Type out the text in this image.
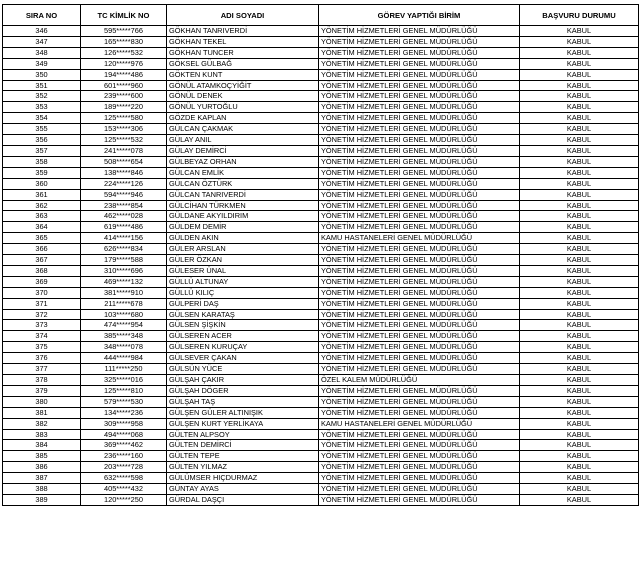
SIRA NO	TC KİMLİK NO	ADI SOYADI	GÖREV YAPTIĞI BİRİM	BAŞVURU DURUMU
346	595*****766	GÖKHAN TANRIVERDİ	YÖNETİM HİZMETLERİ GENEL MÜDÜRLÜĞÜ	KABUL
347	165*****830	GÖKHAN TEKEL	YÖNETİM HİZMETLERİ GENEL MÜDÜRLÜĞÜ	KABUL
348	126*****532	GÖKHAN TUNCER	YÖNETİM HİZMETLERİ GENEL MÜDÜRLÜĞÜ	KABUL
349	120*****976	GÖKSEL GÜLBAĞ	YÖNETİM HİZMETLERİ GENEL MÜDÜRLÜĞÜ	KABUL
350	194*****486	GÖKTEN KUNT	YÖNETİM HİZMETLERİ GENEL MÜDÜRLÜĞÜ	KABUL
351	601*****960	GÖNÜL ATAMKOÇYİĞİT	YÖNETİM HİZMETLERİ GENEL MÜDÜRLÜĞÜ	KABUL
352	239*****600	GÖNÜL DENEK	YÖNETİM HİZMETLERİ GENEL MÜDÜRLÜĞÜ	KABUL
353	189*****220	GÖNÜL YURTOĞLU	YÖNETİM HİZMETLERİ GENEL MÜDÜRLÜĞÜ	KABUL
354	125*****580	GÖZDE KAPLAN	YÖNETİM HİZMETLERİ GENEL MÜDÜRLÜĞÜ	KABUL
355	153*****306	GÜLCAN ÇAKMAK	YÖNETİM HİZMETLERİ GENEL MÜDÜRLÜĞÜ	KABUL
356	125*****532	GÜLAY ANIL	YÖNETİM HİZMETLERİ GENEL MÜDÜRLÜĞÜ	KABUL
357	241*****078	GÜLAY DEMİRCİ	YÖNETİM HİZMETLERİ GENEL MÜDÜRLÜĞÜ	KABUL
358	508*****654	GÜLBEYAZ ORHAN	YÖNETİM HİZMETLERİ GENEL MÜDÜRLÜĞÜ	KABUL
359	138*****846	GÜLCAN EMLİK	YÖNETİM HİZMETLERİ GENEL MÜDÜRLÜĞÜ	KABUL
360	224*****126	GÜLCAN ÖZTÜRK	YÖNETİM HİZMETLERİ GENEL MÜDÜRLÜĞÜ	KABUL
361	594*****946	GÜLCAN TANRIVERDİ	YÖNETİM HİZMETLERİ GENEL MÜDÜRLÜĞÜ	KABUL
362	238*****854	GÜLCİHAN TÜRKMEN	YÖNETİM HİZMETLERİ GENEL MÜDÜRLÜĞÜ	KABUL
363	462*****028	GÜLDANE AKYILDIRIM	YÖNETİM HİZMETLERİ GENEL MÜDÜRLÜĞÜ	KABUL
364	619*****486	GÜLDEM DEMİR	YÖNETİM HİZMETLERİ GENEL MÜDÜRLÜĞÜ	KABUL
365	414*****156	GÜLDEN AKIN	KAMU HASTANELERİ GENEL MÜDÜRLÜĞÜ	KABUL
366	626*****834	GÜLER ARSLAN	YÖNETİM HİZMETLERİ GENEL MÜDÜRLÜĞÜ	KABUL
367	179*****588	GÜLER ÖZKAN	YÖNETİM HİZMETLERİ GENEL MÜDÜRLÜĞÜ	KABUL
368	310*****696	GÜLESER ÜNAL	YÖNETİM HİZMETLERİ GENEL MÜDÜRLÜĞÜ	KABUL
369	469*****132	GÜLLÜ ALTUNAY	YÖNETİM HİZMETLERİ GENEL MÜDÜRLÜĞÜ	KABUL
370	381*****910	GÜLLÜ KILIÇ	YÖNETİM HİZMETLERİ GENEL MÜDÜRLÜĞÜ	KABUL
371	211*****678	GÜLPERİ DAŞ	YÖNETİM HİZMETLERİ GENEL MÜDÜRLÜĞÜ	KABUL
372	103*****680	GÜLSEN KARATAŞ	YÖNETİM HİZMETLERİ GENEL MÜDÜRLÜĞÜ	KABUL
373	474*****954	GÜLSEN ŞİŞKİN	YÖNETİM HİZMETLERİ GENEL MÜDÜRLÜĞÜ	KABUL
374	385*****348	GÜLSEREN ACER	YÖNETİM HİZMETLERİ GENEL MÜDÜRLÜĞÜ	KABUL
375	348*****078	GÜLSEREN KURUÇAY	YÖNETİM HİZMETLERİ GENEL MÜDÜRLÜĞÜ	KABUL
376	444*****984	GÜLSEVER ÇAKAN	YÖNETİM HİZMETLERİ GENEL MÜDÜRLÜĞÜ	KABUL
377	111*****250	GÜLSÜN YÜCE	YÖNETİM HİZMETLERİ GENEL MÜDÜRLÜĞÜ	KABUL
378	325*****016	GÜLŞAH ÇAKIR	ÖZEL KALEM MÜDÜRLÜĞÜ	KABUL
379	125*****810	GÜLŞAH DÖGER	YÖNETİM HİZMETLERİ GENEL MÜDÜRLÜĞÜ	KABUL
380	579*****530	GÜLŞAH TAŞ	YÖNETİM HİZMETLERİ GENEL MÜDÜRLÜĞÜ	KABUL
381	134*****236	GÜLŞEN GÜLER ALTINIŞIK	YÖNETİM HİZMETLERİ GENEL MÜDÜRLÜĞÜ	KABUL
382	309*****958	GÜLŞEN KURT YERLİKAYA	KAMU HASTANELERİ GENEL MÜDÜRLÜĞÜ	KABUL
383	494*****068	GÜLTEN ALPSOY	YÖNETİM HİZMETLERİ GENEL MÜDÜRLÜĞÜ	KABUL
384	369*****462	GÜLTEN DEMİRCİ	YÖNETİM HİZMETLERİ GENEL MÜDÜRLÜĞÜ	KABUL
385	236*****160	GÜLTEN TEPE	YÖNETİM HİZMETLERİ GENEL MÜDÜRLÜĞÜ	KABUL
386	203*****728	GÜLTEN YILMAZ	YÖNETİM HİZMETLERİ GENEL MÜDÜRLÜĞÜ	KABUL
387	632*****598	GÜLÜMSER HIÇDURMAZ	YÖNETİM HİZMETLERİ GENEL MÜDÜRLÜĞÜ	KABUL
388	405*****432	GÜNTAY AYAS	YÖNETİM HİZMETLERİ GENEL MÜDÜRLÜĞÜ	KABUL
389	120*****250	GÜRDAL DAŞÇI	YÖNETİM HİZMETLERİ GENEL MÜDÜRLÜĞÜ	KABUL
